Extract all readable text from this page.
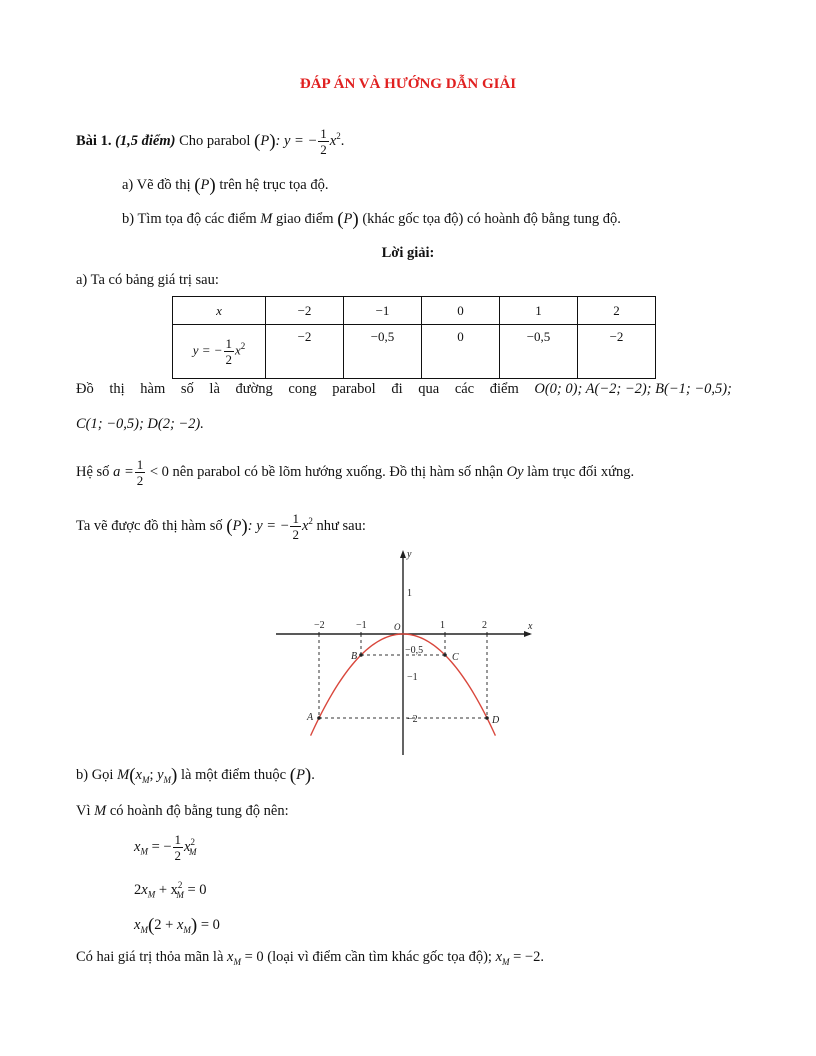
ĐÁP ÁN VÀ HƯỚNG DẪN GIẢI
Bài 1. (1,5 điểm) Cho parabol (P): y = − $\frac{1}{2} x^2$.
a) Vẽ đồ thị (P) trên hệ trục tọa độ.
b) Tìm tọa độ các điểm M giao điểm (P) (khác gốc tọa độ) có hoành độ bằng tung độ.
Lời giải:
a) Ta có bảng giá trị sau:
x	−2	−1	0	1	2
y = − $\frac{1}{2} x^2$	−2	−0,5	0	−0,5	−2
Đồ thị hàm số là đường cong parabol đi qua các điểm O(0; 0); A(−2; −2); B(−1; −0,5);
C(1; −0,5); D(2; −2).
Hệ số $a = \frac{1}{2} < 0$ nên parabol có bề lõm hướng xuống. Đồ thị hàm số nhận Oy làm trục đối xứng.
Ta vẽ được đồ thị hàm số (P): y = − $\frac{1}{2} x^2$ như sau:
A
B	C
D
−2	−1	1	2
1
−1
−2
−0,5
x
y
O
b) Gọi $M(x_M$; $y_M$) là một điểm thuộc (P).
Vì M có hoành độ bằng tung độ nên:
$x_M$ = − $\frac{1}{2} x^2_M$
$2x_M + x^2_M = 0$
$x_M(2 + x_M) = 0$
Có hai giá trị thỏa mãn là $x_M = 0$ (loại vì điểm cần tìm khác gốc tọa độ); $x_M = -2$.
